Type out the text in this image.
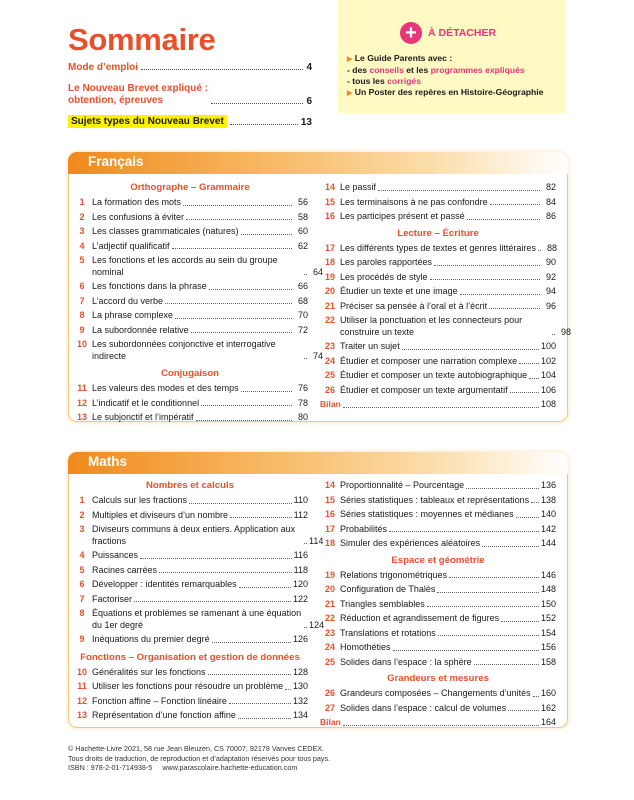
Sommaire
Mode d’emploi	4
Le Nouveau Brevet expliqué :
obtention, épreuves	6
Sujets types du Nouveau Brevet	13
+	À DÉTACHER
▶ Le Guide Parents avec :
- des conseils et les programmes expliqués
- tous les corrigés
▶ Un Poster des repères en Histoire-Géographie
Français
Orthographe – Grammaire
1 La formation des mots	56
2 Les confusions à éviter	58
3 Les classes grammaticales (natures)	60
4 L’adjectif qualificatif	62
5 Les fonctions et les accords au sein du groupe nominal	64
6 Les fonctions dans la phrase	66
7 L’accord du verbe	68
8 La phrase complexe	70
9 La subordonnée relative	72
10 Les subordonnées conjonctive et interrogative indirecte	74
Conjugaison
11 Les valeurs des modes et des temps	76
12 L’indicatif et le conditionnel	78
13 Le subjonctif et l’impératif	80
14 Le passif	82
15 Les terminaisons à ne pas confondre	84
16 Les participes présent et passé	86
Lecture – Écriture
17 Les différents types de textes et genres littéraires	88
18 Les paroles rapportées	90
19 Les procédés de style	92
20 Étudier un texte et une image	94
21 Préciser sa pensée à l’oral et à l’écrit	96
22 Utiliser la ponctuation et les connecteurs pour construire un texte	98
23 Traiter un sujet	100
24 Étudier et composer une narration complexe	102
25 Étudier et composer un texte autobiographique 104
26 Étudier et composer un texte argumentatif	106
Bilan	108
Maths
Nombres et calculs
1 Calculs sur les fractions	110
2 Multiples et diviseurs d’un nombre	112
3 Diviseurs communs à deux entiers. Application aux fractions	114
4 Puissances	116
5 Racines carrées	118
6 Développer : identités remarquables	120
7 Factoriser	122
8 Équations et problèmes se ramenant à une équation du 1er degré	124
9 Inéquations du premier degré	126
Fonctions – Organisation et gestion de données
10 Généralités sur les fonctions	128
11 Utiliser les fonctions pour résoudre un problème 130
12 Fonction affine – Fonction linéaire	132
13 Représentation d’une fonction affine	134
14 Proportionnalité – Pourcentage	136
15 Séries statistiques : tableaux et représentations 138
16 Séries statistiques : moyennes et médianes	140
17 Probabilités	142
18 Simuler des expériences aléatoires	144
Espace et géométrie
19 Relations trigonométriques	146
20 Configuration de Thalès	148
21 Triangles semblables	150
22 Réduction et agrandissement de figures	152
23 Translations et rotations	154
24 Homothéties	156
25 Solides dans l’espace : la sphère	158
Grandeurs et mesures
26 Grandeurs composées – Changements d’unités 160
27 Solides dans l’espace : calcul de volumes	162
Bilan	164
© Hachette-Livre 2021, 58 rue Jean Bleuzen, CS 70007, 92178 Vanves CEDEX.
Tous droits de traduction, de reproduction et d’adaptation réservés pour tous pays.
ISBN : 978-2-01-714938-5 www.parascolaire.hachette-education.com
